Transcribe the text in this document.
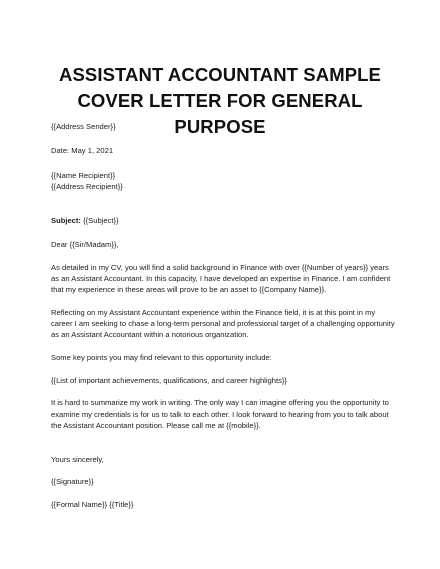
ASSISTANT ACCOUNTANT SAMPLE COVER LETTER FOR GENERAL PURPOSE

{{Address Sender}}

Date: May 1, 2021

{{Name Recipient}}

{{Address Recipient}}

Subject: {{Subject}}

Dear {{Sir/Madam}},

As detailed in my CV, you will find a solid background in Finance with over {{Number of years}} years as an Assistant Accountant. In this capacity, I have developed an expertise in Finance. I am confident that my experience in these areas will prove to be an asset to {{Company Name}}.

Reflecting on my Assistant Accountant experience within the Finance field, it is at this point in my career I am seeking to chase a long-term personal and professional target of a challenging opportunity as an Assistant Accountant within a notorious organization.

Some key points you may find relevant to this opportunity include:

{{List of important achievements, qualifications, and career highlights}}

It is hard to summarize my work in writing. The only way I can imagine offering you the opportunity to examine my credentials is for us to talk to each other. I look forward to hearing from you to talk about the Assistant Accountant position. Please call me at {{mobile}}.

Yours sincerely,

{{Signature}}

{{Formal Name}} {{Title}}
